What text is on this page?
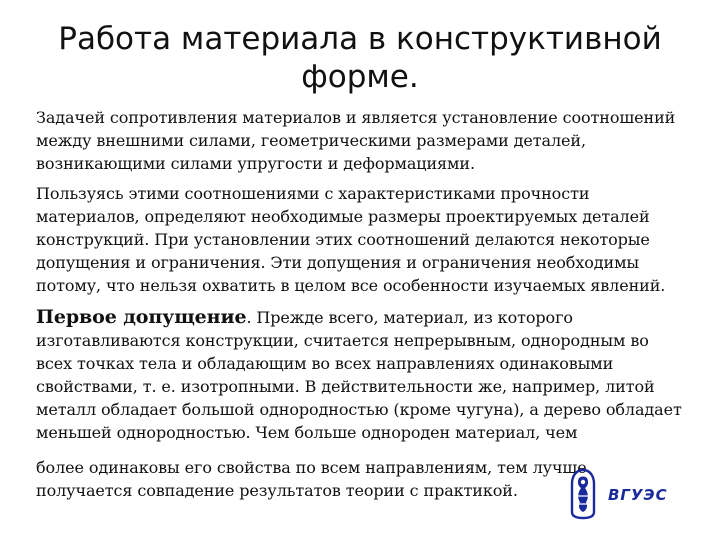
Работа материала в конструктивной форме.

Задачей сопротивления материалов и является установление соотношений между внешними силами, геометрическими размерами деталей, возникающими силами упругости и деформациями.

Пользуясь этими соотношениями с характеристиками прочности материалов, определяют необходимые размеры проектируемых деталей конструкций. При установлении этих соотношений делаются некоторые допущения и ограничения. Эти допущения и ограничения необходимы потому, что нельзя охватить в целом все особенности изучаемых явлений.

Первое допущение. Прежде всего, материал, из которого изготавливаются конструкции, считается непрерывным, однородным во всех точках тела и обладающим во всех направлениях одинаковыми свойствами, т. е. изотропными. В действительности же, например, литой металл обладает большой однородностью (кроме чугуна), а дерево обладает меньшей однородностью. Чем больше однороден материал, чем

более одинаковы его свойства по всем направлениям, тем лучше получается совпадение результатов теории с практикой.	ВГУЭС
